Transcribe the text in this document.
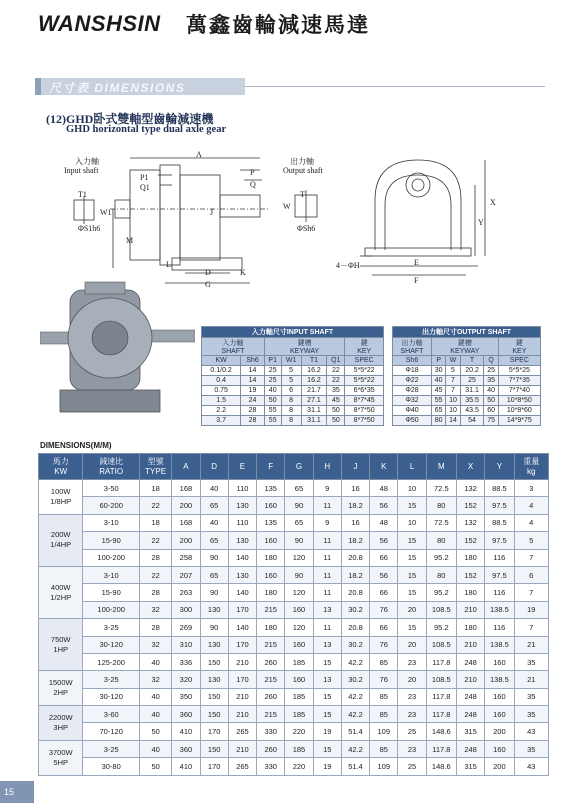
WANSHSIN 萬鑫齒輪減速馬達
尺寸表 DIMENSIONS
(12)GHD卧式雙軸型齒輪減速機
GHD horizontal type dual axle gear
入力軸
Input shaft
出力軸
Output shaft
A
P1
Q1
T1
W1
ΦS1h6
M
L
D	K
G
P
Q
J
T
W
ΦSh6
4－ΦH	E
F
X
Y
入力軸尺寸INPUT SHAFT						
入力軸
SHAFT		鍵槽
KEYWAY				鍵
KEY
KW	Sh6	P1	W1	T1	Q1	SPEC
0.1/0.2	14	25	5	16.2	22	5*5*22
0.4	14	25	5	16.2	22	5*5*22
0.75	19	40	6	21.7	35	6*6*35
1.5	24	50	8	27.1	45	8*7*45
2.2	28	55	8	31.1	50	8*7*50
3.7	28	55	8	31.1	50	8*7*50
出力軸尺寸OUTPUT SHAFT					
出力軸
SHAFT	鍵槽
KEYWAY				鍵
KEY
Sh6	P	W	T	Q	SPEC
Φ18	30	5	20.2	25	5*5*25
Φ22	40	7	25	35	7*7*35
Φ28	45	7	31.1	40	7*7*40
Φ32	55	10	35.5	50	10*8*50
Φ40	65	10	43.5	60	10*8*60
Φ50	80	14	54	75	14*9*75
DIMENSIONS(M/M)
馬力
KW	減速比
RATIO	型號
TYPE	A	D	E	F	G	H	J	K	L	M	X	Y	重量
kg
100W
1/8HP	3-50	18	168	40	110	135	65	9	16	48	10	72.5	132	88.5	3
	60-200	22	200	65	130	160	90	11	18.2	56	15	80	152	97.5	4
200W
1/4HP	3-10	18	168	40	110	135	65	9	16	48	10	72.5	132	88.5	4
	15-90	22	200	65	130	160	90	11	18.2	56	15	80	152	97.5	5
	100-200	28	258	90	140	180	120	11	20.8	66	15	95.2	180	116	7
400W
1/2HP	3-10	22	207	65	130	160	90	11	18.2	56	15	80	152	97.5	6
	15-90	28	263	90	140	180	120	11	20.8	66	15	95.2	180	116	7
	100-200	32	300	130	170	215	160	13	30.2	76	20	108.5	210	138.5	19
750W
1HP	3-25	28	269	90	140	180	120	11	20.8	66	15	95.2	180	116	7
	30-120	32	310	130	170	215	160	13	30.2	76	20	108.5	210	138.5	21
	125-200	40	336	150	210	260	185	15	42.2	85	23	117.8	248	160	35
1500W
2HP	3-25	32	320	130	170	215	160	13	30.2	76	20	108.5	210	138.5	21
	30-120	40	350	150	210	260	185	15	42.2	85	23	117.8	248	160	35
2200W
3HP	3-60	40	360	150	210	215	185	15	42.2	85	23	117.8	248	160	35
	70-120	50	410	170	265	330	220	19	51.4	109	25	148.6	315	200	43
3700W
5HP	3-25	40	360	150	210	260	185	15	42.2	85	23	117.8	248	160	35
	30-80	50	410	170	265	330	220	19	51.4	109	25	148.6	315	200	43
15
